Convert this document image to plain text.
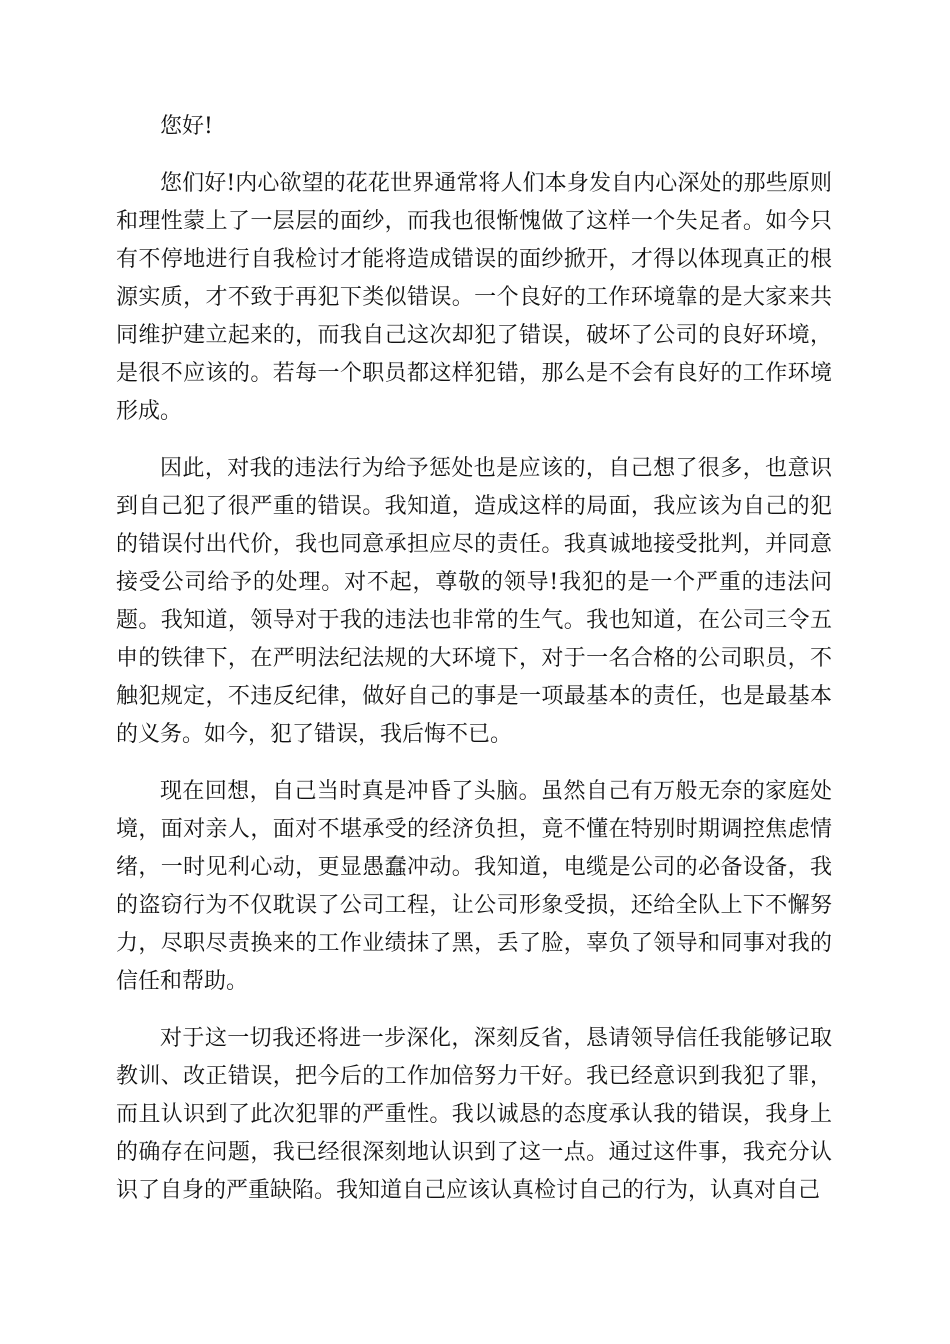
您好!

您们好!内心欲望的花花世界通常将人们本身发自内心深处的那些原则和理性蒙上了一层层的面纱，而我也很惭愧做了这样一个失足者。如今只有不停地进行自我检讨才能将造成错误的面纱掀开，才得以体现真正的根源实质，才不致于再犯下类似错误。一个良好的工作环境靠的是大家来共同维护建立起来的，而我自己这次却犯了错误，破坏了公司的良好环境，是很不应该的。若每一个职员都这样犯错，那么是不会有良好的工作环境形成。

因此，对我的违法行为给予惩处也是应该的，自己想了很多，也意识到自己犯了很严重的错误。我知道，造成这样的局面，我应该为自己的犯的错误付出代价，我也同意承担应尽的责任。我真诚地接受批判，并同意接受公司给予的处理。对不起，尊敬的领导!我犯的是一个严重的违法问题。我知道，领导对于我的违法也非常的生气。我也知道，在公司三令五申的铁律下，在严明法纪法规的大环境下，对于一名合格的公司职员，不触犯规定，不违反纪律，做好自己的事是一项最基本的责任，也是最基本的义务。如今，犯了错误，我后悔不已。

现在回想，自己当时真是冲昏了头脑。虽然自己有万般无奈的家庭处境，面对亲人，面对不堪承受的经济负担，竟不懂在特别时期调控焦虑情绪，一时见利心动，更显愚蠢冲动。我知道，电缆是公司的必备设备，我的盗窃行为不仅耽误了公司工程，让公司形象受损，还给全队上下不懈努力，尽职尽责换来的工作业绩抹了黑，丢了脸，辜负了领导和同事对我的信任和帮助。

对于这一切我还将进一步深化，深刻反省，恳请领导信任我能够记取教训、改正错误，把今后的工作加倍努力干好。我已经意识到我犯了罪，而且认识到了此次犯罪的严重性。我以诚恳的态度承认我的错误，我身上的确存在问题，我已经很深刻地认识到了这一点。通过这件事，我充分认识了自身的严重缺陷。我知道自己应该认真检讨自己的行为，认真对自己
